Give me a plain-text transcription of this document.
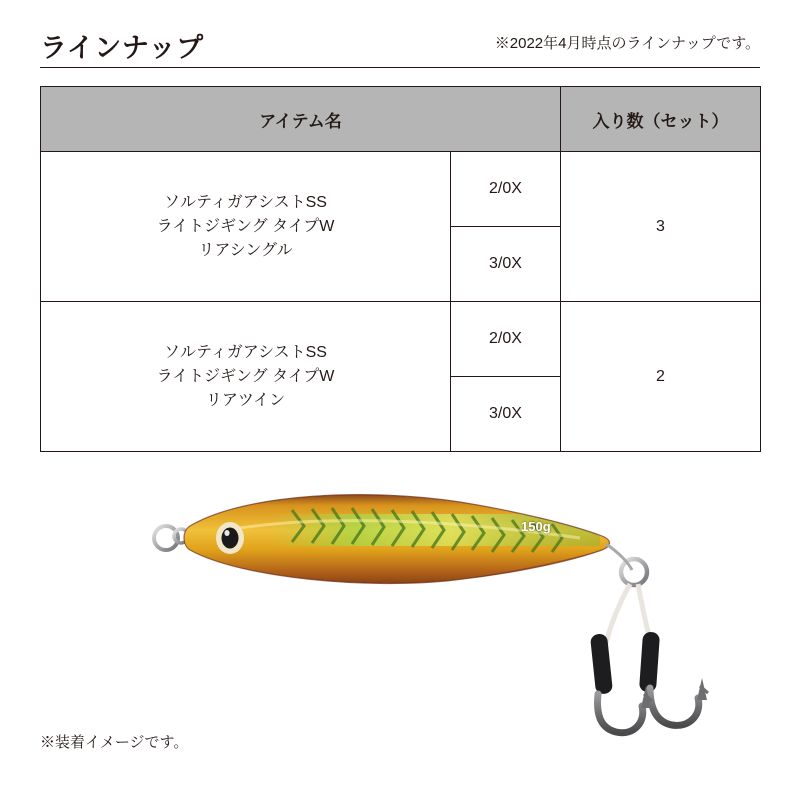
ラインナップ	※2022年4月時点のラインナップです。
アイテム名		入り数（セット）
ソルティガアシストSS
ライトジギング タイプW
リアシングル	2/0X	3
	3/0X	
ソルティガアシストSS
ライトジギング タイプW
リアツイン	2/0X	2
	3/0X	
150g
※装着イメージです。
